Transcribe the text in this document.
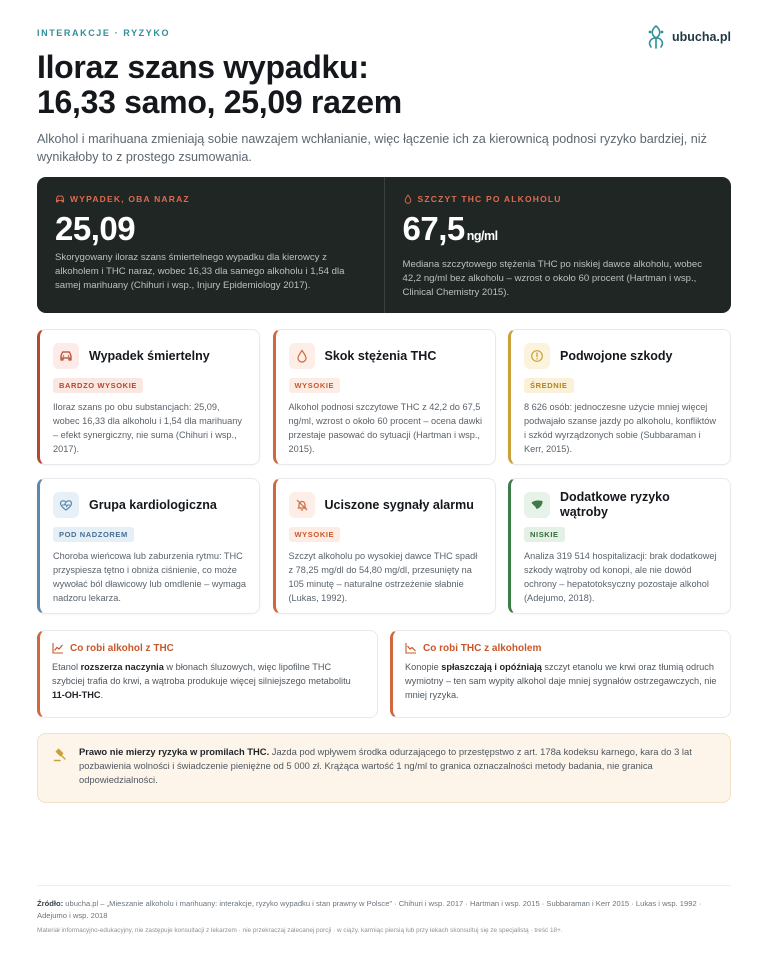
INTERAKCJE · RYZYKO	ubucha.pl
Iloraz szans wypadku:
16,33 samo, 25,09 razem

Alkohol i marihuana zmieniają sobie nawzajem wchłanianie, więc łączenie ich za kierownicą podnosi ryzyko bardziej, niż wynikałoby to z prostego zsumowania.

WYPADEK, OBA NARAZ
25,09
Skorygowany iloraz szans śmiertelnego wypadku dla kierowcy z alkoholem i THC naraz, wobec 16,33 dla samego alkoholu i 1,54 dla samej marihuany (Chihuri i wsp., Injury Epidemiology 2017).
SZCZYT THC PO ALKOHOLU
67,5 ng/ml
Mediana szczytowego stężenia THC po niskiej dawce alkoholu, wobec 42,2 ng/ml bez alkoholu – wzrost o około 60 procent (Hartman i wsp., Clinical Chemistry 2015).
Wypadek śmiertelny
BARDZO WYSOKIE
Iloraz szans po obu substancjach: 25,09, wobec 16,33 dla alkoholu i 1,54 dla marihuany – efekt synergiczny, nie suma (Chihuri i wsp., 2017).
Skok stężenia THC
WYSOKIE
Alkohol podnosi szczytowe THC z 42,2 do 67,5 ng/ml, wzrost o około 60 procent – ocena dawki przestaje pasować do sytuacji (Hartman i wsp., 2015).
Podwojone szkody
ŚREDNIE
8 626 osób: jednoczesne użycie mniej więcej podwajało szanse jazdy po alkoholu, konfliktów i szkód wyrządzonych sobie (Subbaraman i Kerr, 2015).
Grupa kardiologiczna
POD NADZOREM
Choroba wieńcowa lub zaburzenia rytmu: THC przyspiesza tętno i obniża ciśnienie, co może wywołać ból dławicowy lub omdlenie – wymaga nadzoru lekarza.
Uciszone sygnały alarmu
WYSOKIE
Szczyt alkoholu po wysokiej dawce THC spadł z 78,25 mg/dl do 54,80 mg/dl, przesunięty na 105 minutę – naturalne ostrzeżenie słabnie (Lukas, 1992).
Dodatkowe ryzyko wątroby
NISKIE
Analiza 319 514 hospitalizacji: brak dodatkowej szkody wątroby od konopi, ale nie dowód ochrony – hepatotoksyczny pozostaje alkohol (Adejumo, 2018).
Co robi alkohol z THC
Etanol rozszerza naczynia w błonach śluzowych, więc lipofilne THC szybciej trafia do krwi, a wątroba produkuje więcej silniejszego metabolitu 11-OH-THC.
Co robi THC z alkoholem
Konopie spłaszczają i opóźniają szczyt etanolu we krwi oraz tłumią odruch wymiotny – ten sam wypity alkohol daje mniej sygnałów ostrzegawczych, nie mniej ryzyka.

Prawo nie mierzy ryzyka w promilach THC. Jazda pod wpływem środka odurzającego to przestępstwo z art. 178a kodeksu karnego, kara do 3 lat pozbawienia wolności i świadczenie pieniężne od 5 000 zł. Krążąca wartość 1 ng/ml to granica oznaczalności metody badania, nie granica odpowiedzialności.

Źródło: ubucha.pl – „Mieszanie alkoholu i marihuany: interakcje, ryzyko wypadku i stan prawny w Polsce” · Chihuri i wsp. 2017 · Hartman i wsp. 2015 · Subbaraman i Kerr 2015 · Lukas i wsp. 1992 · Adejumo i wsp. 2018
Materiał informacyjno-edukacyjny, nie zastępuje konsultacji z lekarzem · nie przekraczaj zalecanej porcji · w ciąży, karmiąc piersią lub przy lekach skonsultuj się ze specjalistą · treść 18+.
